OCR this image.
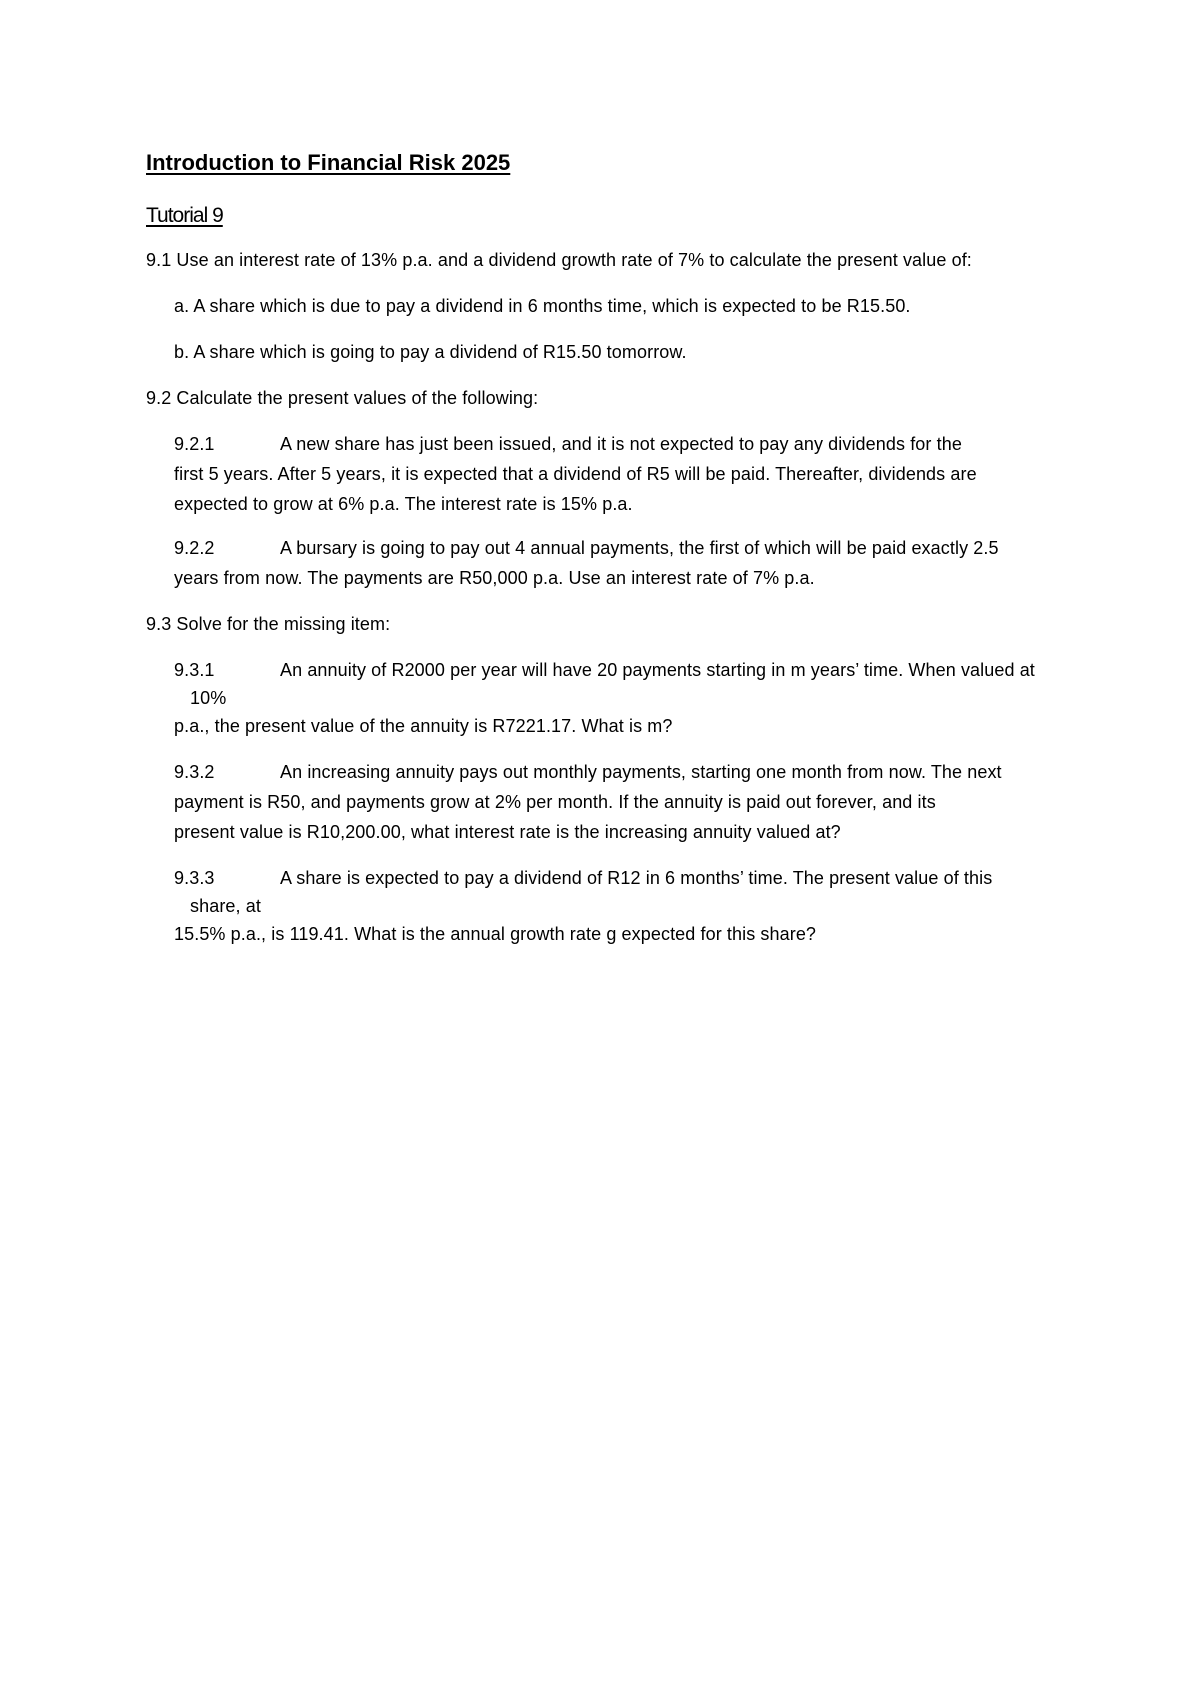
Introduction to Financial Risk 2025
Tutorial 9
9.1 Use an interest rate of 13% p.a. and a dividend growth rate of 7% to calculate the present value of:
a. A share which is due to pay a dividend in 6 months time, which is expected to be R15.50.
b. A share which is going to pay a dividend of R15.50 tomorrow.
9.2 Calculate the present values of the following:
9.2.1	A new share has just been issued, and it is not expected to pay any dividends for the
first 5 years. After 5 years, it is expected that a dividend of R5 will be paid. Thereafter, dividends are
expected to grow at 6% p.a. The interest rate is 15% p.a.
9.2.2	A bursary is going to pay out 4 annual payments, the first of which will be paid exactly 2.5
years from now. The payments are R50,000 p.a. Use an interest rate of 7% p.a.
9.3 Solve for the missing item:
9.3.1	An annuity of R2000 per year will have 20 payments starting in m years’ time. When valued at
10%
p.a., the present value of the annuity is R7221.17. What is m?
9.3.2	An increasing annuity pays out monthly payments, starting one month from now. The next
payment is R50, and payments grow at 2% per month. If the annuity is paid out forever, and its
present value is R10,200.00, what interest rate is the increasing annuity valued at?
9.3.3	A share is expected to pay a dividend of R12 in 6 months’ time. The present value of this
share, at
15.5% p.a., is 119.41. What is the annual growth rate g expected for this share?
